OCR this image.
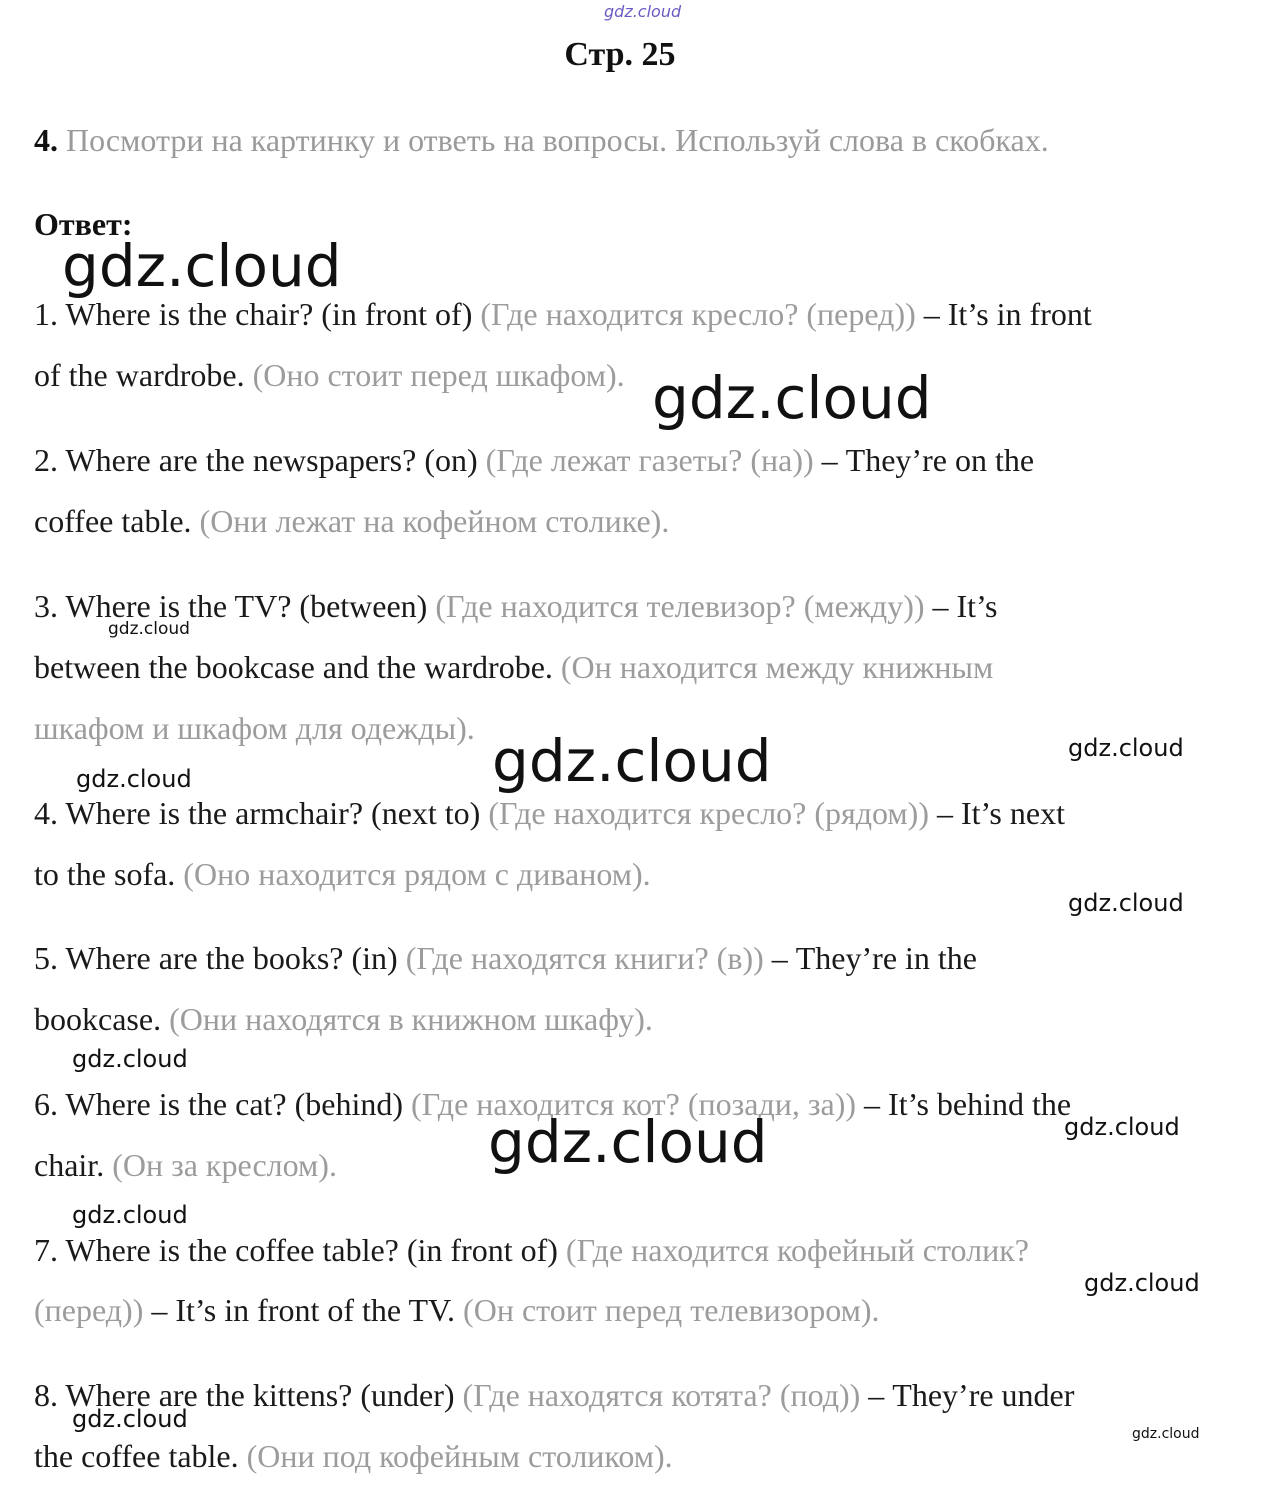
gdz.cloud
Стр. 25
4. Посмотри на картинку и ответь на вопросы. Используй слова в скобках.
Ответ:
1. Where is the chair? (in front of) (Где находится кресло? (перед)) – It’s in front
of the wardrobe. (Оно стоит перед шкафом).
2. Where are the newspapers? (on) (Где лежат газеты? (на)) – They’re on the
coffee table. (Они лежат на кофейном столике).
3. Where is the TV? (between) (Где находится телевизор? (между)) – It’s
between the bookcase and the wardrobe. (Он находится между книжным
шкафом и шкафом для одежды).
4. Where is the armchair? (next to) (Где находится кресло? (рядом)) – It’s next
to the sofa. (Оно находится рядом с диваном).
5. Where are the books? (in) (Где находятся книги? (в)) – They’re in the
bookcase. (Они находятся в книжном шкафу).
6. Where is the cat? (behind) (Где находится кот? (позади, за)) – It’s behind the
chair. (Он за креслом).
7. Where is the coffee table? (in front of) (Где находится кофейный столик?
(перед)) – It’s in front of the TV. (Он стоит перед телевизором).
8. Where are the kittens? (under) (Где находятся котята? (под)) – They’re under
the coffee table. (Они под кофейным столиком).
gdz.cloud
gdz.cloud
gdz.cloud
gdz.cloud
gdz.cloud
gdz.cloud
gdz.cloud
gdz.cloud
gdz.cloud
gdz.cloud
gdz.cloud
gdz.cloud
gdz.cloud
gdz.cloud
